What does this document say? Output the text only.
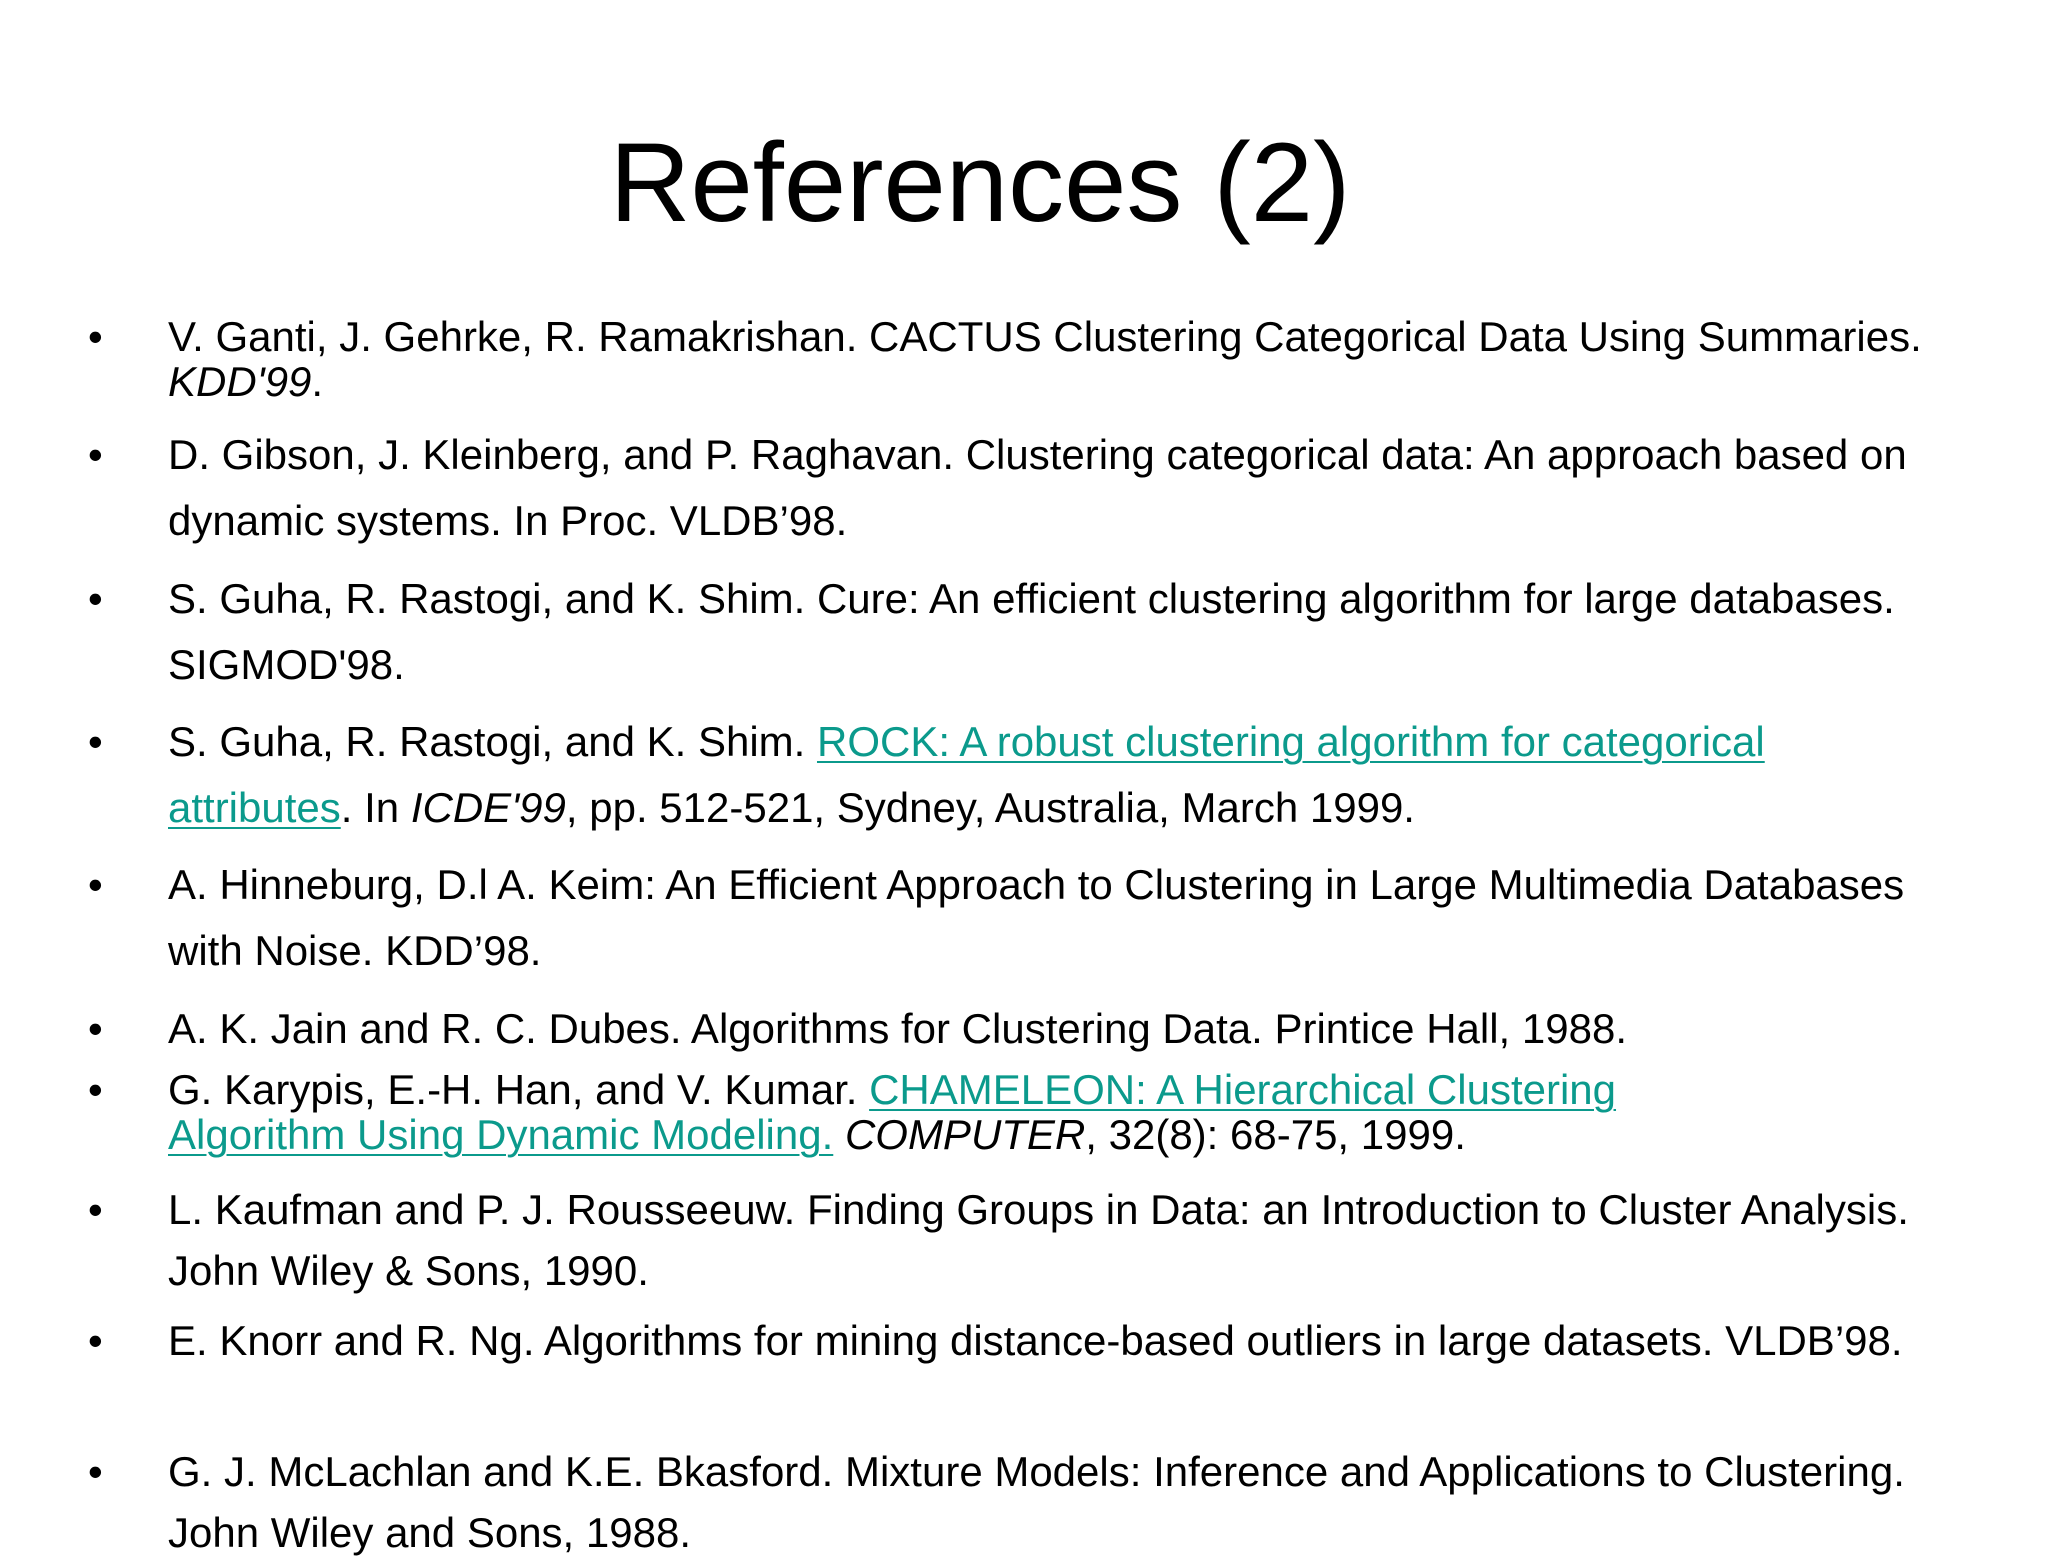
References (2)
• V. Ganti, J. Gehrke, R. Ramakrishan. CACTUS Clustering Categorical Data Using Summaries. KDD'99.
• D. Gibson, J. Kleinberg, and P. Raghavan. Clustering categorical data: An approach based on dynamic systems. In Proc. VLDB’98.
• S. Guha, R. Rastogi, and K. Shim. Cure: An efficient clustering algorithm for large databases. SIGMOD'98.
• S. Guha, R. Rastogi, and K. Shim. ROCK: A robust clustering algorithm for categorical
attributes. In ICDE'99, pp. 512-521, Sydney, Australia, March 1999.
• A. Hinneburg, D.l A. Keim: An Efficient Approach to Clustering in Large Multimedia Databases with Noise. KDD’98.
• A. K. Jain and R. C. Dubes. Algorithms for Clustering Data. Printice Hall, 1988.
• G. Karypis, E.-H. Han, and V. Kumar. CHAMELEON: A Hierarchical Clustering
Algorithm Using Dynamic Modeling. COMPUTER, 32(8): 68-75, 1999.
• L. Kaufman and P. J. Rousseeuw. Finding Groups in Data: an Introduction to Cluster Analysis. John Wiley & Sons, 1990.
• E. Knorr and R. Ng. Algorithms for mining distance-based outliers in large datasets. VLDB’98.
• G. J. McLachlan and K.E. Bkasford. Mixture Models: Inference and Applications to Clustering. John Wiley and Sons, 1988.
